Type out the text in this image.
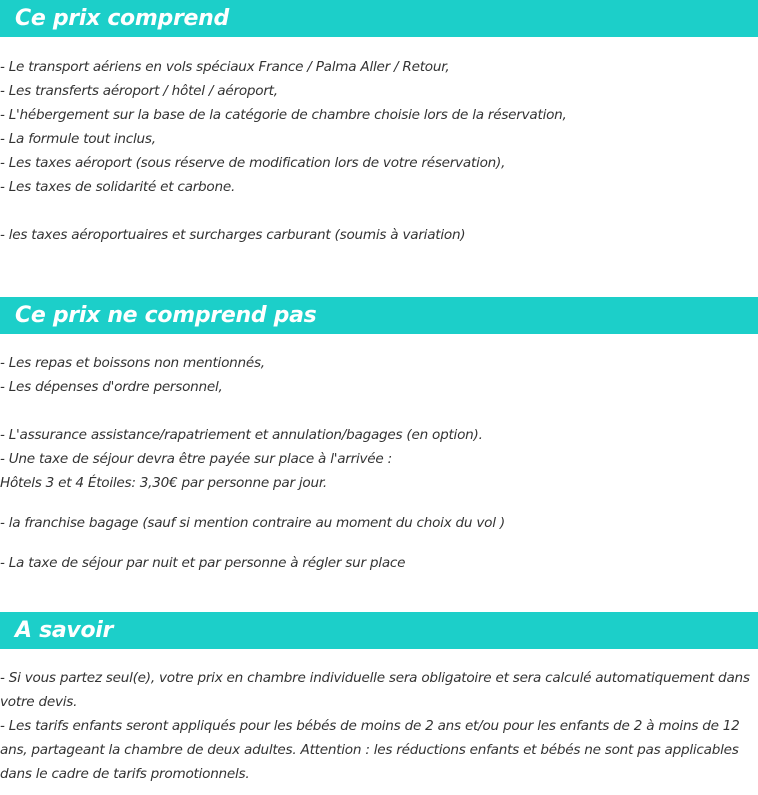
Ce prix comprend

- Le transport aériens en vols spéciaux France / Palma Aller / Retour,

- Les transferts aéroport / hôtel / aéroport,

- L'hébergement sur la base de la catégorie de chambre choisie lors de la réservation,

- La formule tout inclus,

- Les taxes aéroport (sous réserve de modification lors de votre réservation),

- Les taxes de solidarité et carbone.

- les taxes aéroportuaires et surcharges carburant (soumis à variation)

Ce prix ne comprend pas

- Les repas et boissons non mentionnés,

- Les dépenses d'ordre personnel,

- L'assurance assistance/rapatriement et annulation/bagages (en option).

- Une taxe de séjour devra être payée sur place à l'arrivée :

Hôtels 3 et 4 Étoiles: 3,30€ par personne par jour.

- la franchise bagage (sauf si mention contraire au moment du choix du vol )

- La taxe de séjour par nuit et par personne à régler sur place

A savoir

- Si vous partez seul(e), votre prix en chambre individuelle sera obligatoire et sera calculé automatiquement dans votre devis.

- Les tarifs enfants seront appliqués pour les bébés de moins de 2 ans et/ou pour les enfants de 2 à moins de 12 ans, partageant la chambre de deux adultes. Attention : les réductions enfants et bébés ne sont pas applicables dans le cadre de tarifs promotionnels.
